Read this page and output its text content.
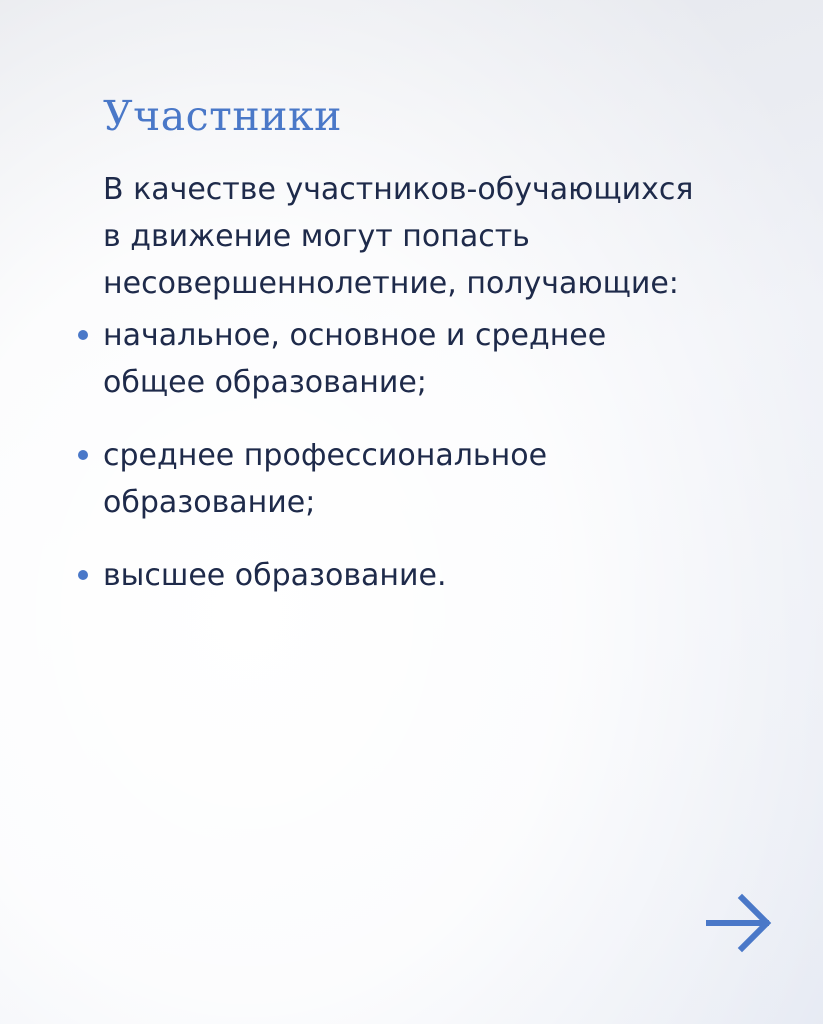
Участники

В качестве участников-обучающихся
в движение могут попасть
несовершеннолетние, получающие:

начальное, основное и среднее
общее образование;
среднее профессиональное
образование;
высшее образование.
